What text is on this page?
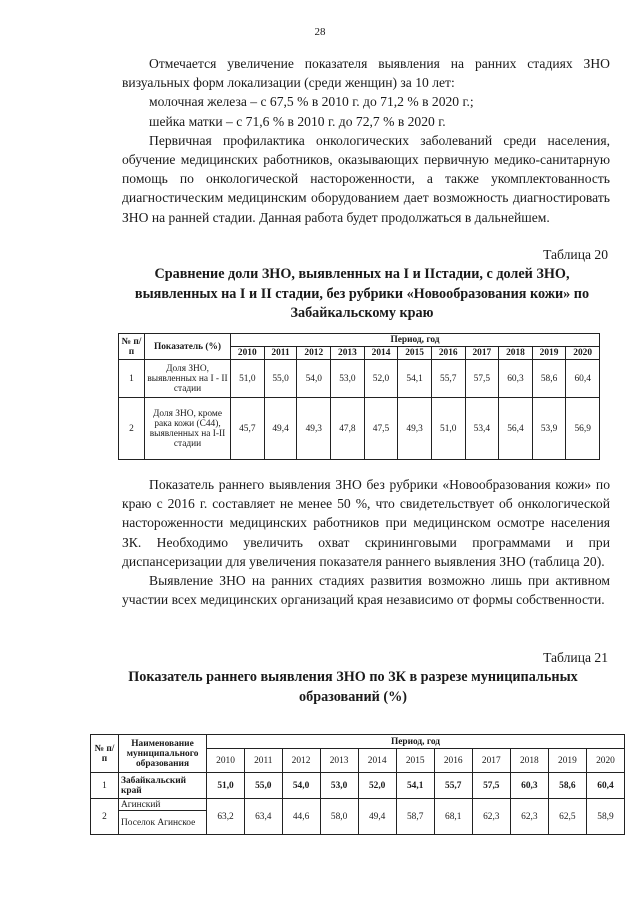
28

Отмечается увеличение показателя выявления на ранних стадиях ЗНО визуальных форм локализации (среди женщин) за 10 лет:

молочная железа – с 67,5 % в 2010 г. до 71,2 % в 2020 г.;

шейка матки – с 71,6 % в 2010 г. до 72,7 % в 2020 г.

Первичная профилактика онкологических заболеваний среди населения, обучение медицинских работников, оказывающих первичную медико-санитарную помощь по онкологической настороженности, а также укомплектованность диагностическим медицинским оборудованием дает возможность диагностировать ЗНО на ранней стадии. Данная работа будет продолжаться в дальнейшем.

Таблица 20

Сравнение доли ЗНО, выявленных на I и IIстадии, с долей ЗНО, выявленных на I и II стадии, без рубрики «Новообразования кожи» по Забайкальскому краю

№ п/п	Показатель (%)	Период, год										
		2010	2011	2012	2013	2014	2015	2016	2017	2018	2019	2020
1	Доля ЗНО, выявленных на I - II стадии	51,0	55,0	54,0	53,0	52,0	54,1	55,7	57,5	60,3	58,6	60,4
2	Доля ЗНО, кроме рака кожи (С44), выявленных на I-II стадии	45,7	49,4	49,3	47,8	47,5	49,3	51,0	53,4	56,4	53,9	56,9

Показатель раннего выявления ЗНО без рубрики «Новообразования кожи» по краю с 2016 г. составляет не менее 50 %, что свидетельствует об онкологической настороженности медицинских работников при медицинском осмотре населения ЗК. Необходимо увеличить охват скрининговыми программами и при диспансеризации для увеличения показателя раннего выявления ЗНО (таблица 20).

Выявление ЗНО на ранних стадиях развития возможно лишь при активном участии всех медицинских организаций края независимо от формы собственности.

Таблица 21

Показатель раннего выявления ЗНО по ЗК в разрезе муниципальных образований (%)

№ п/п	Наименование муниципального образования	Период, год										
		2010	2011	2012	2013	2014	2015	2016	2017	2018	2019	2020
1	Забайкальский край	51,0	55,0	54,0	53,0	52,0	54,1	55,7	57,5	60,3	58,6	60,4
2	Агинский	63,2	63,4	44,6	58,0	49,4	58,7	68,1	62,3	62,3	62,5	58,9
	Поселок Агинское											
